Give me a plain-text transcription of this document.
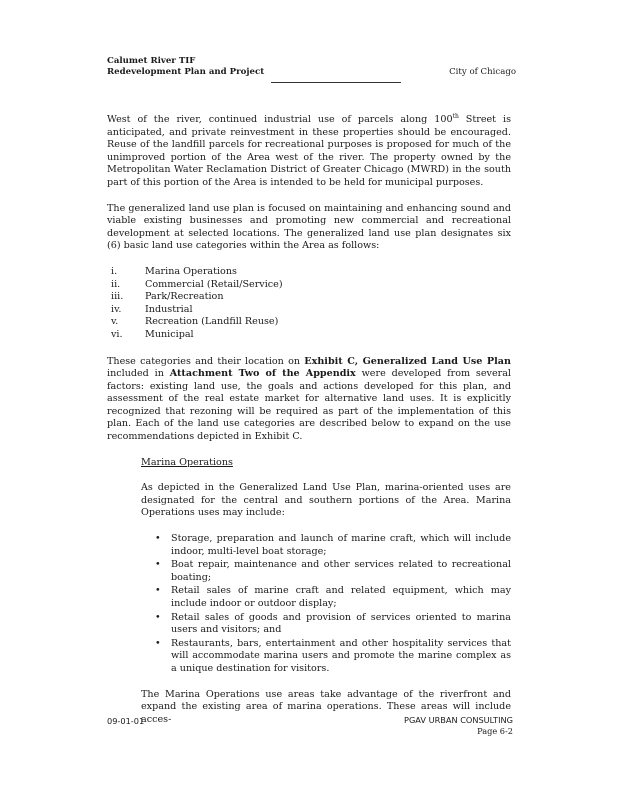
Calumet River TIF
Redevelopment Plan and Project	City of Chicago

West of the river, continued industrial use of parcels along 100th Street is anticipated, and private reinvestment in these properties should be encouraged. Reuse of the landfill parcels for recreational purposes is proposed for much of the unimproved portion of the Area west of the river. The property owned by the Metropolitan Water Reclamation District of Greater Chicago (MWRD) in the south part of this portion of the Area is intended to be held for municipal purposes.

The generalized land use plan is focused on maintaining and enhancing sound and viable existing businesses and promoting new commercial and recreational development at selected locations. The generalized land use plan designates six (6) basic land use categories within the Area as follows:

i.	Marina Operations
ii.	Commercial (Retail/Service)
iii.	Park/Recreation
iv.	Industrial
v.	Recreation (Landfill Reuse)
vi.	Municipal

These categories and their location on Exhibit C, Generalized Land Use Plan included in Attachment Two of the Appendix were developed from several factors: existing land use, the goals and actions developed for this plan, and assessment of the real estate market for alternative land uses. It is explicitly recognized that rezoning will be required as part of the implementation of this plan. Each of the land use categories are described below to expand on the use recommendations depicted in Exhibit C.

Marina Operations

As depicted in the Generalized Land Use Plan, marina-oriented uses are designated for the central and southern portions of the Area. Marina Operations uses may include:

•	Storage, preparation and launch of marine craft, which will include indoor, multi-level boat storage;
•	Boat repair, maintenance and other services related to recreational boating;
•	Retail sales of marine craft and related equipment, which may include indoor or outdoor display;
•	Retail sales of goods and provision of services oriented to marina users and visitors; and
•	Restaurants, bars, entertainment and other hospitality services that will accommodate marina users and promote the marine complex as a unique destination for visitors.

The Marina Operations use areas take advantage of the riverfront and expand the existing area of marina operations. These areas will include acces-

09-01-01	PGAV URBAN CONSULTING
Page 6-2
